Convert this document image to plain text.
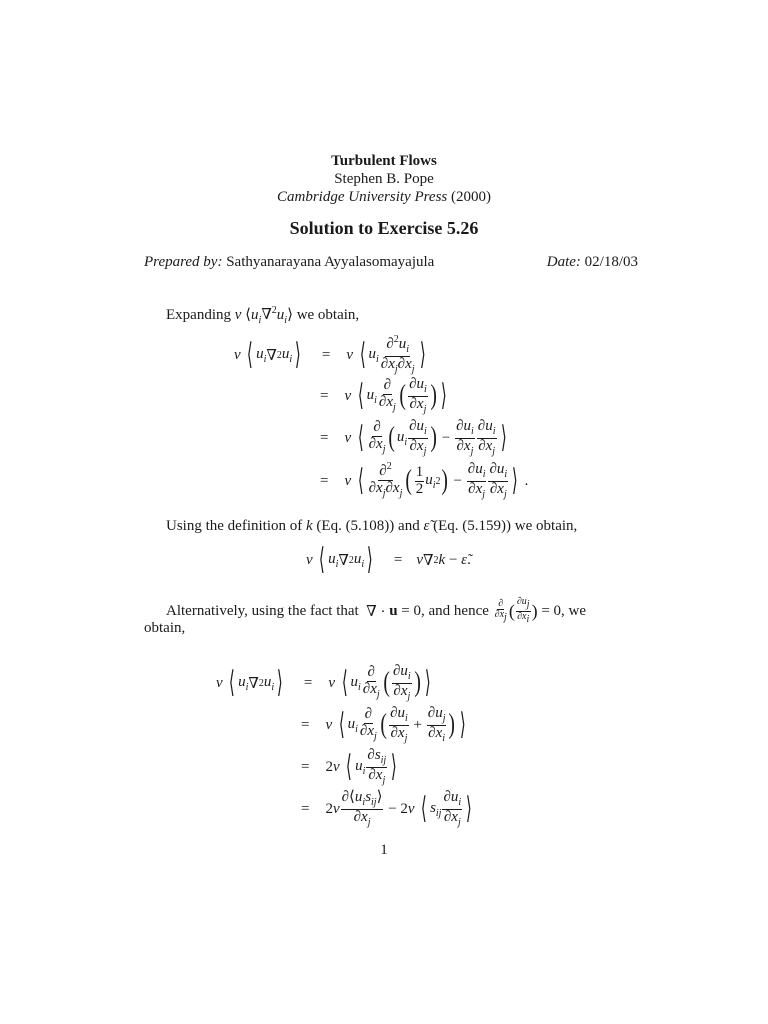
Turbulent Flows
Stephen B. Pope
Cambridge University Press (2000)
Solution to Exercise 5.26
Prepared by: Sathyanarayana Ayyalasomayajula	Date: 02/18/03
Expanding ν $⟨u_i\nabla^2u_i⟩$ we obtain,
ν
⟨ $u_i$ ∇ 2 $u_i$ ⟩ = ν
⟨ $u_i$
$\partial^2u_i$
$\partial x_j\partial x_j$ ⟩
= ν
⟨ $u_i$
∂
$\partial x_j$ ( $\partial u_i$
$\partial x_j$ ) ⟩
= ν
⟨ ∂
$\partial x_j$ ( $u_i$
$\partial u_i$
$\partial x_j$ ) −
$\partial u_i$
$\partial x_j$
$\partial u_i$
$\partial x_j$ ⟩
= ν
⟨ ∂$^2$
$\partial x_j\partial x_j$ ( 1
2
$u_i$ 2 ) −
$\partial u_i$
$\partial x_j$
$\partial u_i$
$\partial x_j$ ⟩ .
Using the definition of k (Eq. (5.108)) and ε̃ (Eq. (5.159)) we obtain,
ν
⟨ $u_i$ ∇ 2 $u_i$ ⟩ = ν ∇ 2 k − ε̃ .
Alternatively, using the fact that ∇ · u = 0, and hence
∂
$\partial x_j$ ( $\partial u_j$
$\partial x_i$ )
= 0, we
obtain,
ν
⟨ $u_i$ ∇ 2 $u_i$ ⟩ = ν
⟨ $u_i$
∂
$\partial x_j$ ( $\partial u_i$
$\partial x_j$ ) ⟩
= ν
⟨ $u_i$
∂
$\partial x_j$ ( $\partial u_i$
$\partial x_j$
+
$\partial u_j$
$\partial x_i$ ) ⟩
= 2 ν
⟨ $u_i$
$\partial s_{ij}$
$\partial x_j$ ⟩
= 2 ν
$\partial⟨u_is_{ij}⟩$
$\partial x_j$
− 2 ν
⟨ $s_{ij}$
$\partial u_i$
$\partial x_j$ ⟩
1
